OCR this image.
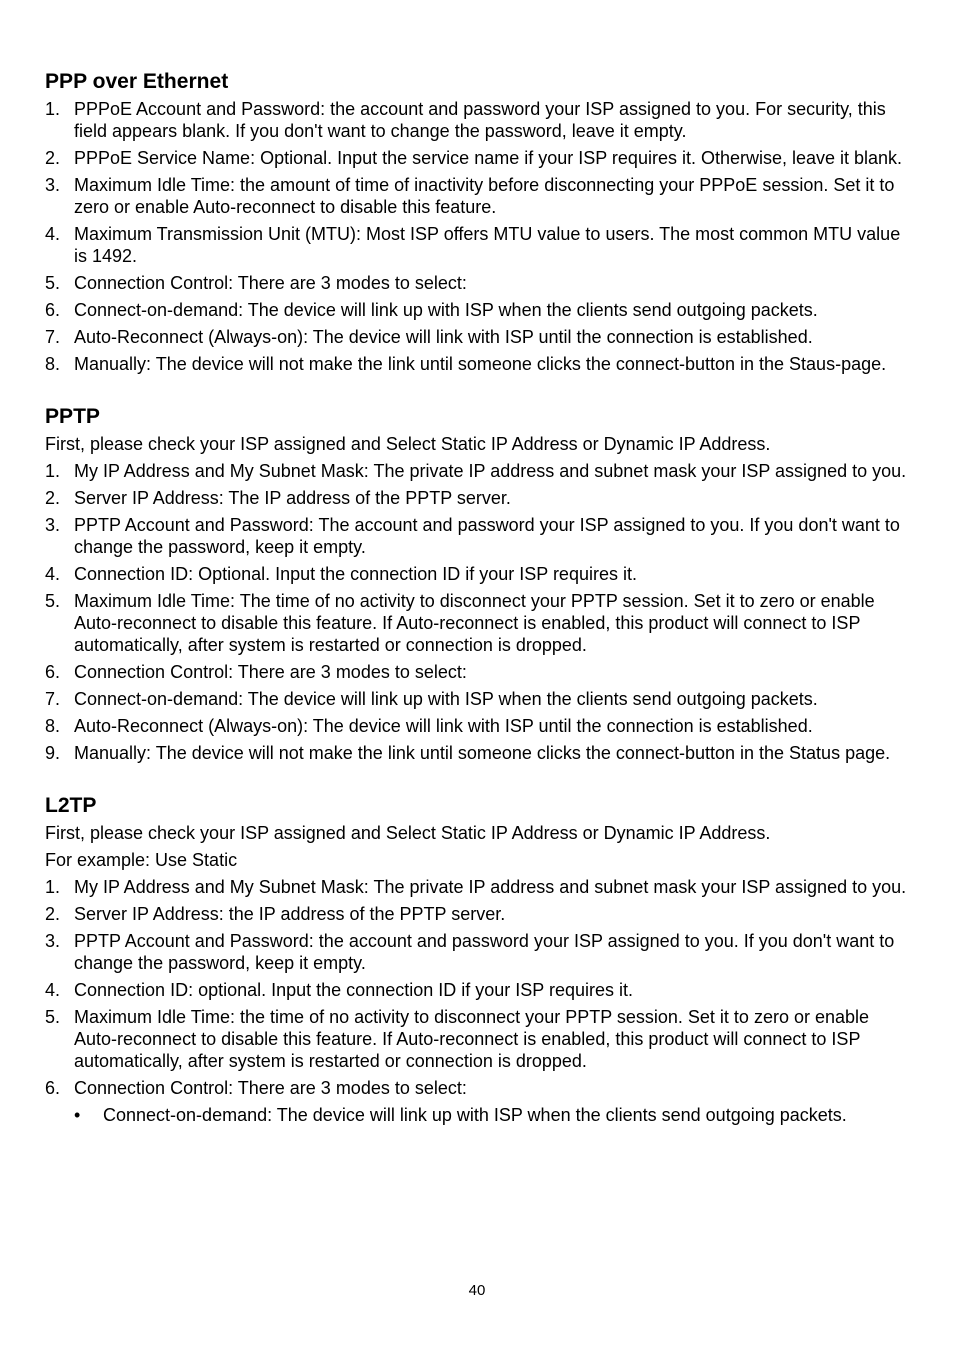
PPP over Ethernet
1. PPPoE Account and Password: the account and password your ISP assigned to you. For security, this field appears blank. If you don't want to change the password, leave it empty.
2. PPPoE Service Name: Optional. Input the service name if your ISP requires it. Otherwise, leave it blank.
3. Maximum Idle Time: the amount of time of inactivity before disconnecting your PPPoE session. Set it to zero or enable Auto-reconnect to disable this feature.
4. Maximum Transmission Unit (MTU): Most ISP offers MTU value to users. The most common MTU value is 1492.
5. Connection Control: There are 3 modes to select:
6. Connect-on-demand: The device will link up with ISP when the clients send outgoing packets.
7. Auto-Reconnect (Always-on): The device will link with ISP until the connection is established.
8. Manually: The device will not make the link until someone clicks the connect-button in the Staus-page.
PPTP

First, please check your ISP assigned and Select Static IP Address or Dynamic IP Address.

1. My IP Address and My Subnet Mask: The private IP address and subnet mask your ISP assigned to you.
2. Server IP Address: The IP address of the PPTP server.
3. PPTP Account and Password: The account and password your ISP assigned to you. If you don't want to change the password, keep it empty.
4. Connection ID: Optional. Input the connection ID if your ISP requires it.
5. Maximum Idle Time: The time of no activity to disconnect your PPTP session. Set it to zero or enable Auto-reconnect to disable this feature. If Auto-reconnect is enabled, this product will connect to ISP automatically, after system is restarted or connection is dropped.
6. Connection Control: There are 3 modes to select:
7. Connect-on-demand: The device will link up with ISP when the clients send outgoing packets.
8. Auto-Reconnect (Always-on): The device will link with ISP until the connection is established.
9. Manually: The device will not make the link until someone clicks the connect-button in the Status page.
L2TP

First, please check your ISP assigned and Select Static IP Address or Dynamic IP Address.

For example: Use Static

1. My IP Address and My Subnet Mask: The private IP address and subnet mask your ISP assigned to you.
2. Server IP Address: the IP address of the PPTP server.
3. PPTP Account and Password: the account and password your ISP assigned to you. If you don't want to change the password, keep it empty.
4. Connection ID: optional. Input the connection ID if your ISP requires it.
5. Maximum Idle Time: the time of no activity to disconnect your PPTP session. Set it to zero or enable Auto-reconnect to disable this feature. If Auto-reconnect is enabled, this product will connect to ISP automatically, after system is restarted or connection is dropped.
6. Connection Control: There are 3 modes to select:
• Connect-on-demand: The device will link up with ISP when the clients send outgoing packets.
40
